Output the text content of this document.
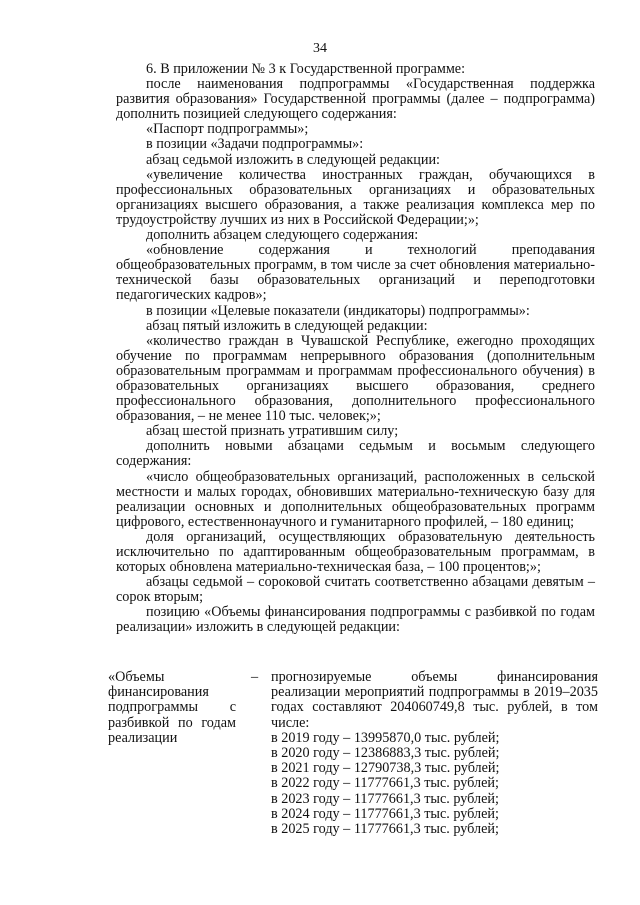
34

6. В приложении № 3 к Государственной программе:

после наименования подпрограммы «Государственная поддержка развития образования» Государственной программы (далее – подпрограмма) дополнить позицией следующего содержания:

«Паспорт подпрограммы»;

в позиции «Задачи подпрограммы»:

абзац седьмой изложить в следующей редакции:

«увеличение количества иностранных граждан, обучающихся в профессиональных образовательных организациях и образовательных организациях высшего образования, а также реализация комплекса мер по трудоустройству лучших из них в Российской Федерации;»;

дополнить абзацем следующего содержания:

«обновление содержания и технологий преподавания общеобразовательных программ, в том числе за счет обновления материально-технической базы образовательных организаций и переподготовки педагогических кадров»;

в позиции «Целевые показатели (индикаторы) подпрограммы»:

абзац пятый изложить в следующей редакции:

«количество граждан в Чувашской Республике, ежегодно проходящих обучение по программам непрерывного образования (дополнительным образовательным программам и программам профессионального обучения) в образовательных организациях высшего образования, среднего профессионального образования, дополнительного профессионального образования, – не менее 110 тыс. человек;»;

абзац шестой признать утратившим силу;

дополнить новыми абзацами седьмым и восьмым следующего содержания:

«число общеобразовательных организаций, расположенных в сельской местности и малых городах, обновивших материально-техническую базу для реализации основных и дополнительных общеобразовательных программ цифрового, естественнонаучного и гуманитарного профилей, – 180 единиц;

доля организаций, осуществляющих образовательную деятельность исключительно по адаптированным общеобразовательным программам, в которых обновлена материально-техническая база, – 100 процентов;»;

абзацы седьмой – сороковой считать соответственно абзацами девятым – сорок вторым;

позицию «Объемы финансирования подпрограммы с разбивкой по годам реализации» изложить в следующей редакции:

«Объемы финансирования подпрограммы с разбивкой по годам реализации
– прогнозируемые объемы финансирования реализации мероприятий подпрограммы в 2019–2035 годах составляют 204060749,8 тыс. рублей, в том числе:

в 2019 году – 13995870,0 тыс. рублей;

в 2020 году – 12386883,3 тыс. рублей;

в 2021 году – 12790738,3 тыс. рублей;

в 2022 году – 11777661,3 тыс. рублей;

в 2023 году – 11777661,3 тыс. рублей;

в 2024 году – 11777661,3 тыс. рублей;

в 2025 году – 11777661,3 тыс. рублей;
